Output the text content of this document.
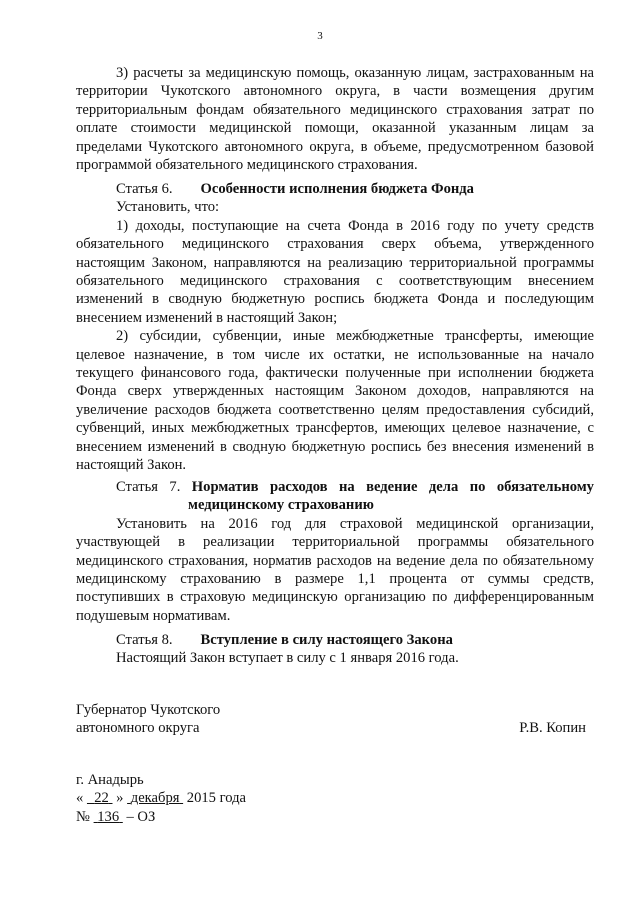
3

3) расчеты за медицинскую помощь, оказанную лицам, застрахованным на территории Чукотского автономного округа, в части возмещения другим территориальным фондам обязательного медицинского страхования затрат по оплате стоимости медицинской помощи, оказанной указанным лицам за пределами Чукотского автономного округа, в объеме, предусмотренном базовой программой обязательного медицинского страхования.

Статья 6. Особенности исполнения бюджета Фонда

Установить, что:

1) доходы, поступающие на счета Фонда в 2016 году по учету средств обязательного медицинского страхования сверх объема, утвержденного настоящим Законом, направляются на реализацию территориальной программы обязательного медицинского страхования с соответствующим внесением изменений в сводную бюджетную роспись бюджета Фонда и последующим внесением изменений в настоящий Закон;

2) субсидии, субвенции, иные межбюджетные трансферты, имеющие целевое назначение, в том числе их остатки, не использованные на начало текущего финансового года, фактически полученные при исполнении бюджета Фонда сверх утвержденных настоящим Законом доходов, направляются на увеличение расходов бюджета соответственно целям предоставления субсидий, субвенций, иных межбюджетных трансфертов, имеющих целевое назначение, с внесением изменений в сводную бюджетную роспись без внесения изменений в настоящий Закон.

Статья 7. Норматив расходов на ведение дела по обязательному

медицинскому страхованию

Установить на 2016 год для страховой медицинской организации, участвующей в реализации территориальной программы обязательного медицинского страхования, норматив расходов на ведение дела по обязательному медицинскому страхованию в размере 1,1 процента от суммы средств, поступивших в страховую медицинскую организацию по дифференцированным подушевым нормативам.

Статья 8. Вступление в силу настоящего Закона

Настоящий Закон вступает в силу с 1 января 2016 года.

Губернатор Чукотского
автономного округа	Р.В. Копин
г. Анадырь
« 22 » декабря 2015 года
№ 136 – ОЗ
